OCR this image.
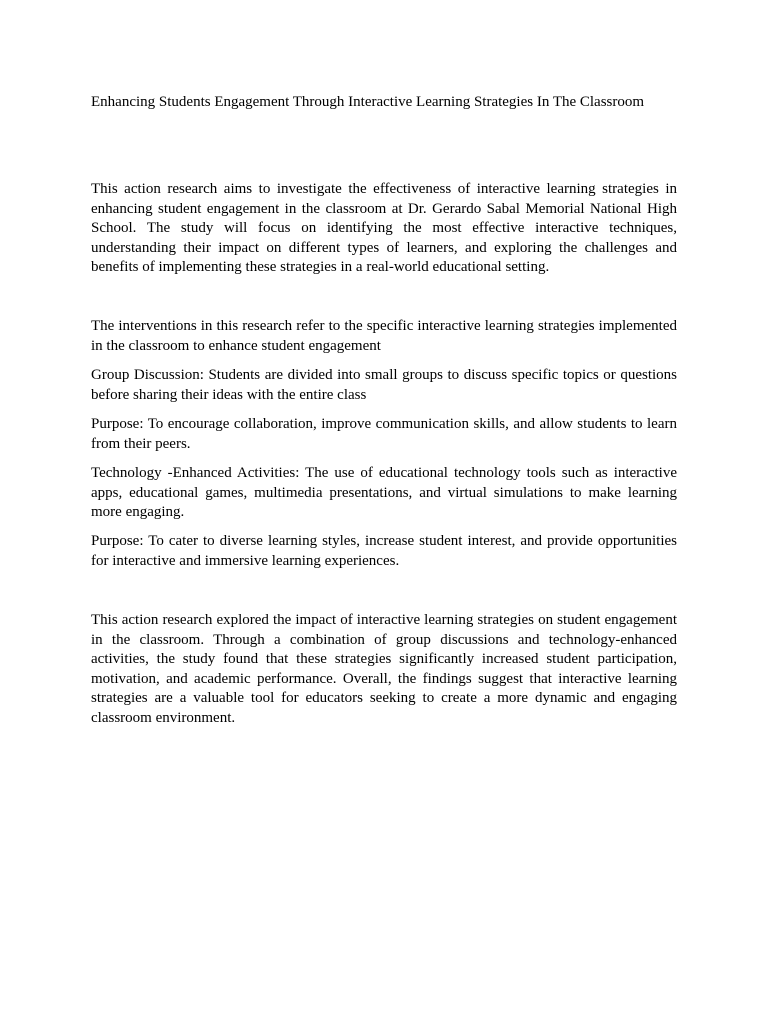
Enhancing Students Engagement Through Interactive Learning Strategies In The Classroom

This action research aims to investigate the effectiveness of interactive learning strategies in enhancing student engagement in the classroom at Dr. Gerardo Sabal Memorial National High School. The study will focus on identifying the most effective interactive techniques, understanding their impact on different types of learners, and exploring the challenges and benefits of implementing these strategies in a real-world educational setting.

The interventions in this research refer to the specific interactive learning strategies implemented in the classroom to enhance student engagement

Group Discussion: Students are divided into small groups to discuss specific topics or questions before sharing their ideas with the entire class

Purpose: To encourage collaboration, improve communication skills, and allow students to learn from their peers.

Technology -Enhanced Activities: The use of educational technology tools such as interactive apps, educational games, multimedia presentations, and virtual simulations to make learning more engaging.

Purpose: To cater to diverse learning styles, increase student interest, and provide opportunities for interactive and immersive learning experiences.

This action research explored the impact of interactive learning strategies on student engagement in the classroom. Through a combination of group discussions and technology-enhanced activities, the study found that these strategies significantly increased student participation, motivation, and academic performance. Overall, the findings suggest that interactive learning strategies are a valuable tool for educators seeking to create a more dynamic and engaging classroom environment.
